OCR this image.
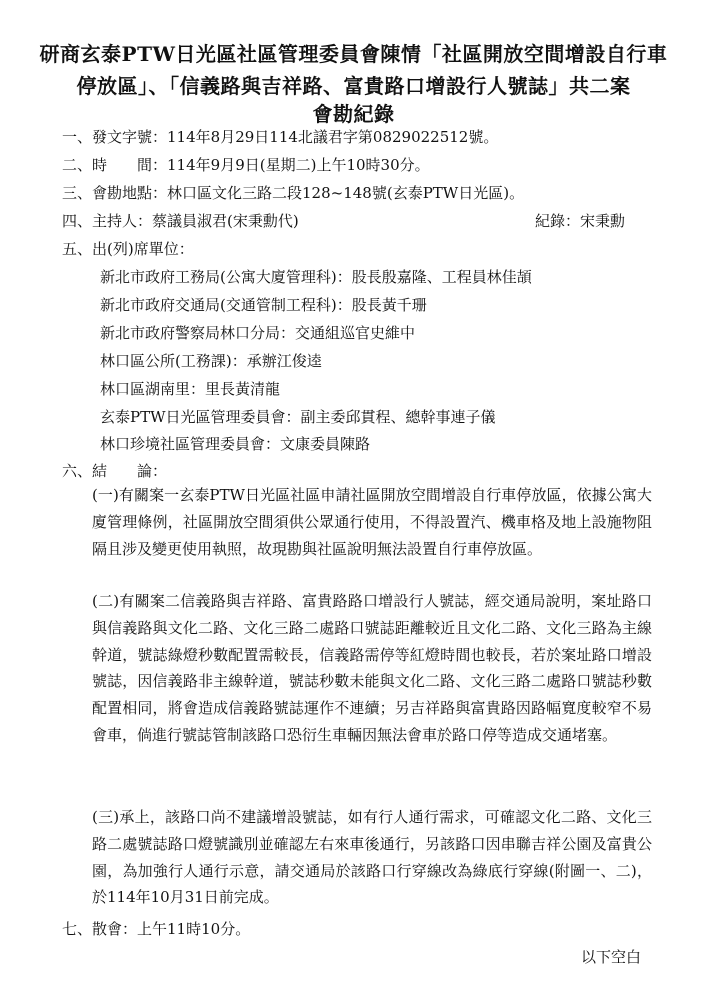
研商玄泰PTW日光區社區管理委員會陳情「社區開放空間增設自行車
停放區」、「信義路與吉祥路、富貴路口增設行人號誌」共二案
會勘紀錄
一、發文字號：114年8月29日114北議君字第0829022512號。
二、時　　間：114年9月9日(星期二)上午10時30分。
三、會勘地點：林口區文化三路二段128~148號(玄泰PTW日光區)。
四、主持人：蔡議員淑君(宋秉勳代)	紀錄：宋秉勳
五、出(列)席單位：
新北市政府工務局(公寓大廈管理科)：股長殷嘉隆、工程員林佳頡
新北市政府交通局(交通管制工程科)：股長黃千珊
新北市政府警察局林口分局：交通組巡官史維中
林口區公所(工務課)：承辦江俊逵
林口區湖南里：里長黃清龍
玄泰PTW日光區管理委員會：副主委邱貫程、總幹事連子儀
林口珍境社區管理委員會：文康委員陳路
六、結　　論：
(一)有關案一玄泰PTW日光區社區申請社區開放空間增設自行車停放區，依據公寓大廈管理條例，社區開放空間須供公眾通行使用，不得設置汽、機車格及地上設施物阻隔且涉及變更使用執照，故現勘與社區說明無法設置自行車停放區。
(二)有關案二信義路與吉祥路、富貴路路口增設行人號誌，經交通局說明，案址路口與信義路與文化二路、文化三路二處路口號誌距離較近且文化二路、文化三路為主線幹道，號誌綠燈秒數配置需較長，信義路需停等紅燈時間也較長，若於案址路口增設號誌，因信義路非主線幹道，號誌秒數未能與文化二路、文化三路二處路口號誌秒數配置相同，將會造成信義路號誌運作不連續；另吉祥路與富貴路因路幅寬度較窄不易會車，倘進行號誌管制該路口恐衍生車輛因無法會車於路口停等造成交通堵塞。
(三)承上，該路口尚不建議增設號誌，如有行人通行需求，可確認文化二路、文化三路二處號誌路口燈號識別並確認左右來車後通行，另該路口因串聯吉祥公園及富貴公園，為加強行人通行示意，請交通局於該路口行穿線改為綠底行穿線(附圖一、二)，於114年10月31日前完成。
七、散會：上午11時10分。
以下空白
